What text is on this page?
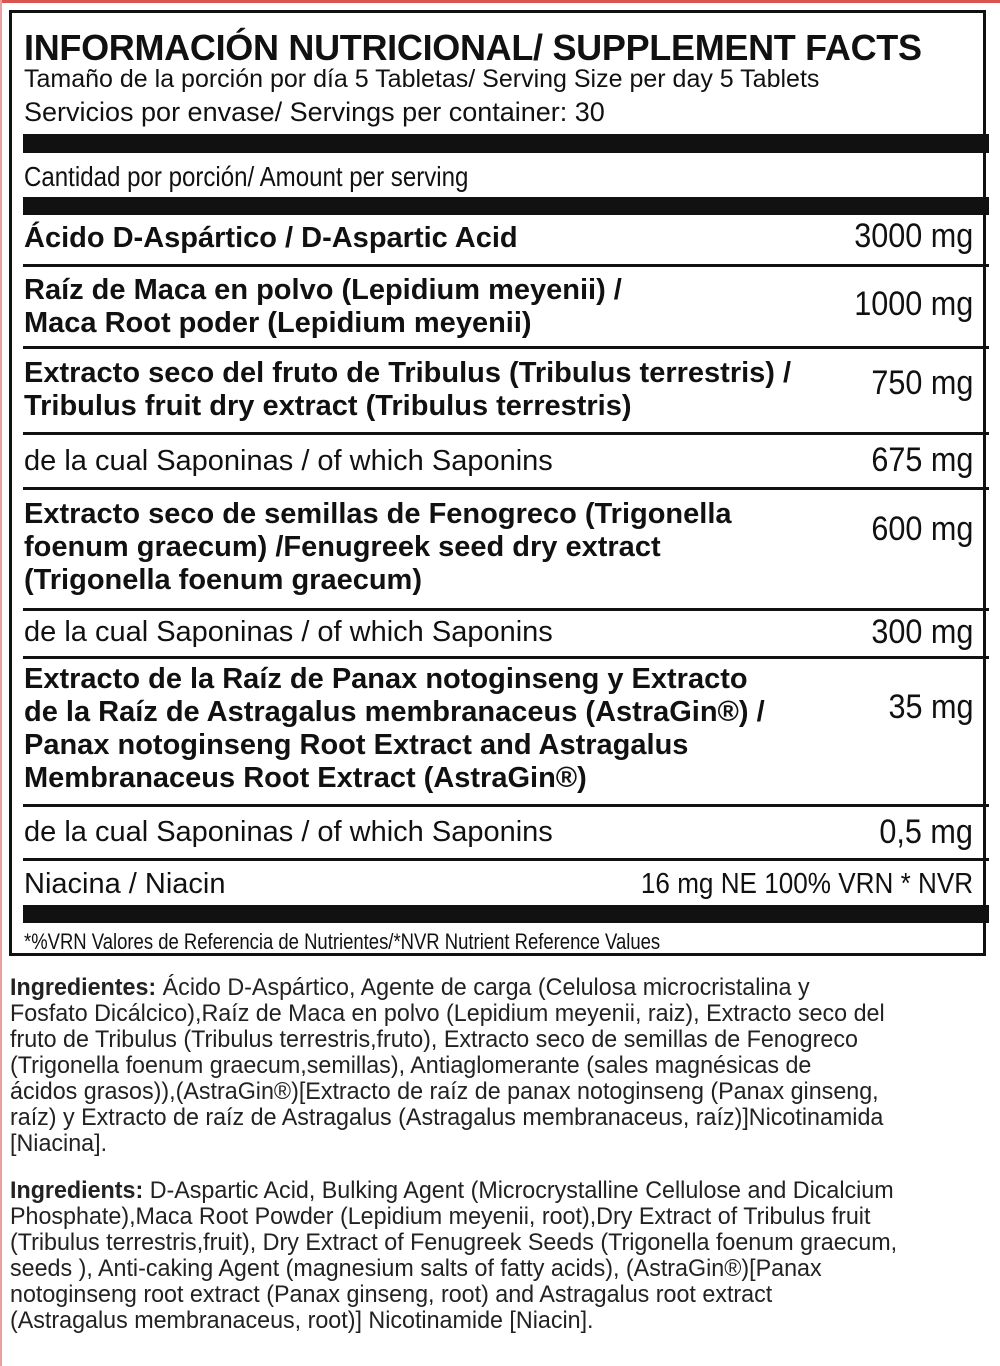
INFORMACIÓN NUTRICIONAL/ SUPPLEMENT FACTS
Tamaño de la porción por día 5 Tabletas/ Serving Size per day 5 Tablets
Servicios por envase/ Servings per container: 30
Cantidad por porción/ Amount per serving
Ácido D-Aspártico / D-Aspartic Acid	3000 mg
Raíz de Maca en polvo (Lepidium meyenii) /
Maca Root poder (Lepidium meyenii)	1000 mg
Extracto seco del fruto de Tribulus (Tribulus terrestris) /
Tribulus fruit dry extract (Tribulus terrestris)
750 mg
de la cual Saponinas / of which Saponins	675 mg
Extracto seco de semillas de Fenogreco (Trigonella
foenum graecum) /Fenugreek seed dry extract
(Trigonella foenum graecum)
600 mg
de la cual Saponinas / of which Saponins	300 mg
Extracto de la Raíz de Panax notoginseng y Extracto
de la Raíz de Astragalus membranaceus (AstraGin®) /
Panax notoginseng Root Extract and Astragalus
Membranaceus Root Extract (AstraGin®)
35 mg
de la cual Saponinas / of which Saponins	0,5 mg
Niacina / Niacin	16 mg NE 100% VRN * NVR
*%VRN Valores de Referencia de Nutrientes/*NVR Nutrient Reference Values
Ingredientes: Ácido D-Aspártico, Agente de carga (Celulosa microcristalina y
Fosfato Dicálcico),Raíz de Maca en polvo (Lepidium meyenii, raiz), Extracto seco del
fruto de Tribulus (Tribulus terrestris,fruto), Extracto seco de semillas de Fenogreco
(Trigonella foenum graecum,semillas), Antiaglomerante (sales magnésicas de
ácidos grasos)),(AstraGin®)[Extracto de raíz de panax notoginseng (Panax ginseng,
raíz) y Extracto de raíz de Astragalus (Astragalus membranaceus, raíz)]Nicotinamida
[Niacina].
Ingredients: D-Aspartic Acid, Bulking Agent (Microcrystalline Cellulose and Dicalcium
Phosphate),Maca Root Powder (Lepidium meyenii, root),Dry Extract of Tribulus fruit
(Tribulus terrestris,fruit), Dry Extract of Fenugreek Seeds (Trigonella foenum graecum,
seeds ), Anti-caking Agent (magnesium salts of fatty acids), (AstraGin®)[Panax
notoginseng root extract (Panax ginseng, root) and Astragalus root extract
(Astragalus membranaceus, root)] Nicotinamide [Niacin].
